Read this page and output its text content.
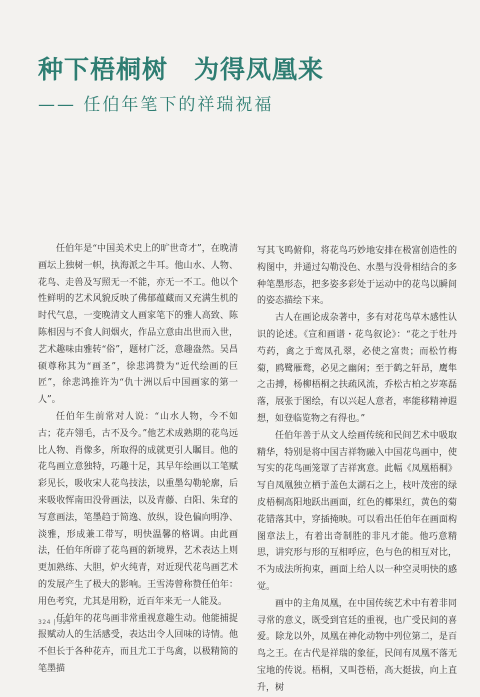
种下梧桐树　为得凤凰来
—— 任伯年笔下的祥瑞祝福

任伯年是“中国美术史上的旷世奇才”，在晚清画坛上独树一帜，执海派之牛耳。他山水、人物、花鸟、走兽及写照无一不能，亦无一不工。他以个性鲜明的艺术风貌反映了佛郁蕴藏而又充满生机的时代气息，一变晚清文人画家笔下的雅人高致、陈陈相因与不食人间烟火，作品立意由出世而入世，艺术趣味由雅转“俗”，题材广泛，意趣盎然。吴昌硕尊称其为“画圣”，徐悲鸿赞为“近代绘画的巨匠”，徐悲鸿推许为“仇十洲以后中国画家的第一人”。

任伯年生前常对人说：“山水人物，今不如古；花卉翎毛，古不及今。”他艺术成熟期的花鸟远比人物、肖像多，所取得的成就更引人瞩目。他的花鸟画立意独特，巧趣十足，其早年绘画以工笔赋彩见长，吸收宋人花鸟技法，以重墨勾勒轮廓，后来吸收恽南田没骨画法，以及青藤、白阳、朱耷的写意画法，笔墨趋于简逸、放纵，设色偏向明净、淡雅，形成兼工带写，明快温馨的格调。由此画法，任伯年所辟了花鸟画的新境界，艺术表达上则更加熟练、大胆，炉火纯青，对近现代花鸟画艺术的发展产生了极大的影响。王雪涛曾称赞任伯年：用色考究，尤其是用粉，近百年来无一人能及。

任伯年的花鸟画非常重视意趣生动。他能捕捉报赋动人的生活感受，表达出令人回味的诗情。他不但长于各种花卉，而且尤工于鸟禽，以极精简的笔墨描

写其飞鸣俯仰，将花鸟巧妙地安排在极富创造性的构图中，并通过勾勒没色、水墨与没骨相结合的多种笔墨形态，把多姿多彩处于运动中的花鸟以瞬间的姿态描绘下来。

古人在画论成杂著中，多有对花鸟草木感性认识的论述。《宣和画谱・花鸟叙论》：“花之于牡丹芍药，禽之于鸾凤孔翠，必使之富贵；而松竹梅菊，鸥鹭雁鹜，必见之幽闲；至于鹤之轩昂，鹰隼之击搏，杨柳梧桐之扶疏风流，乔松古柏之岁寒磊落，展张于图绘，有以兴起人意者，率能移精神遐想，如登临览物之有得也。”

任伯年善于从文人绘画传统和民间艺术中吸取精华，特别是将中国吉祥物融入中国花鸟画中，使写实的花鸟画笼罩了吉祥寓意。此幅《凤凰梧桐》写自凤凰独立栖于盖色太湖石之上，枝叶茂密的绿皮梧桐高阳地跃出画面，红色的椰果红，黄色的菊花错落其中，穿插掩映。可以看出任伯年在画面构图章法上，有着出奇制胜的非凡才能。他巧意精思，讲究形与形的互相呼应，色与色的相互对比，不为成法所拘束，画面上给人以一种空灵明快的感觉。

画中的主角凤凰，在中国传统艺术中有着非同寻常的意义，既受到官廷的重视，也广受民间的喜爱。除龙以外，凤凰在神化动物中列位第二，是百鸟之王。在古代是祥瑞的象征，民间有凤凰不落无宝地的传说。梧桐，又叫苍梧，高大挺拔，向上直升，树

324 | 325
